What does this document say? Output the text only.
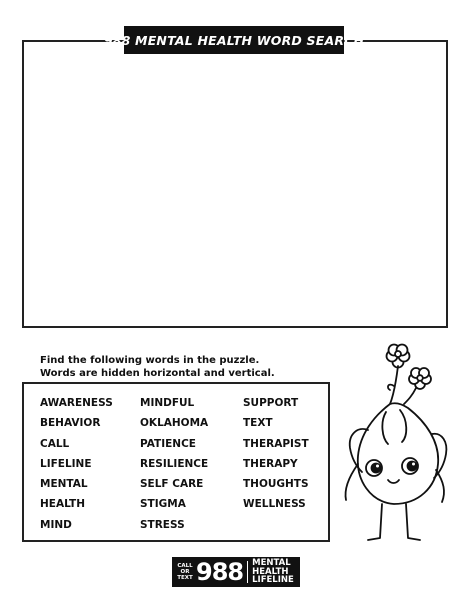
988 MENTAL HEALTH WORD SEARCH
Find the following words in the puzzle.
Words are hidden horizontal and vertical.
AWARENESS
BEHAVIOR
CALL
LIFELINE
MENTAL
HEALTH
MIND
MINDFUL
OKLAHOMA
PATIENCE
RESILIENCE
SELF CARE
STIGMA
STRESS
SUPPORT
TEXT
THERAPIST
THERAPY
THOUGHTS
WELLNESS
CALL
OR
TEXT 988 MENTAL
HEALTH
LIFELINE
